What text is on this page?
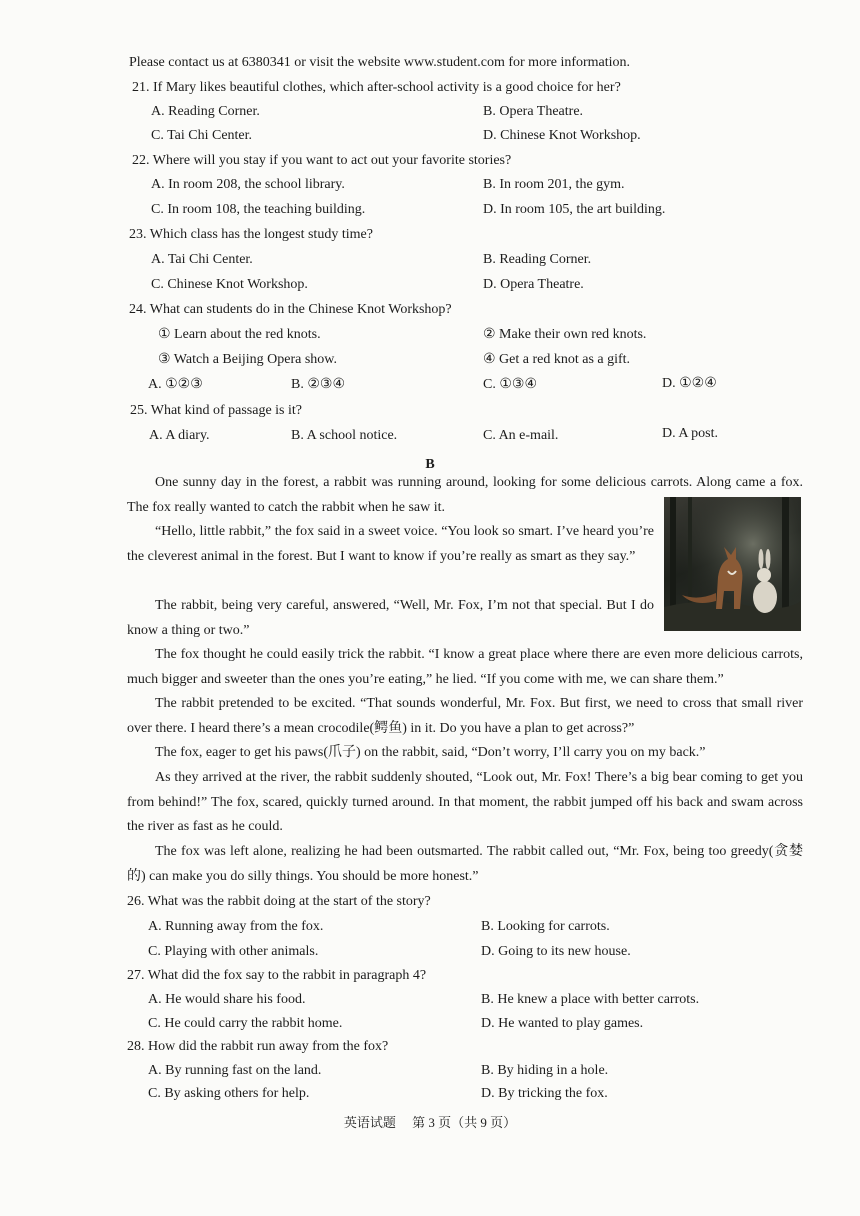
Please contact us at 6380341 or visit the website www.student.com for more information.
21. If Mary likes beautiful clothes, which after-school activity is a good choice for her?
A. Reading Corner.	B. Opera Theatre.
C. Tai Chi Center.	D. Chinese Knot Workshop.
22. Where will you stay if you want to act out your favorite stories?
A. In room 208, the school library.	B. In room 201, the gym.
C. In room 108, the teaching building.	D. In room 105, the art building.
23. Which class has the longest study time?
A. Tai Chi Center.	B. Reading Corner.
C. Chinese Knot Workshop.	D. Opera Theatre.
24. What can students do in the Chinese Knot Workshop?
① Learn about the red knots.	② Make their own red knots.
③ Watch a Beijing Opera show.	④ Get a red knot as a gift.
A. ①②③	B. ②③④	C. ①③④	D. ①②④
25. What kind of passage is it?
A. A diary.	B. A school notice.	C. An e-mail.	D. A post.
B
One sunny day in the forest, a rabbit was running around, looking for some delicious carrots. Along came a fox. The fox really wanted to catch the rabbit when he saw it.
“Hello, little rabbit,” the fox said in a sweet voice. “You look so smart. I’ve heard you’re the cleverest animal in the forest. But I want to know if you’re really as smart as they say.”
The rabbit, being very careful, answered, “Well, Mr. Fox, I’m not that special. But I do know a thing or two.”
The fox thought he could easily trick the rabbit. “I know a great place where there are even more delicious carrots, much bigger and sweeter than the ones you’re eating,” he lied. “If you come with me, we can share them.”
The rabbit pretended to be excited. “That sounds wonderful, Mr. Fox. But first, we need to cross that small river over there. I heard there’s a mean crocodile(鳄鱼) in it. Do you have a plan to get across?”
The fox, eager to get his paws(爪子) on the rabbit, said, “Don’t worry, I’ll carry you on my back.”
As they arrived at the river, the rabbit suddenly shouted, “Look out, Mr. Fox! There’s a big bear coming to get you from behind!” The fox, scared, quickly turned around. In that moment, the rabbit jumped off his back and swam across the river as fast as he could.
The fox was left alone, realizing he had been outsmarted. The rabbit called out, “Mr. Fox, being too greedy(贪婪的) can make you do silly things. You should be more honest.”
26. What was the rabbit doing at the start of the story?
A. Running away from the fox.	B. Looking for carrots.
C. Playing with other animals.	D. Going to its new house.
27. What did the fox say to the rabbit in paragraph 4?
A. He would share his food.	B. He knew a place with better carrots.
C. He could carry the rabbit home.	D. He wanted to play games.
28. How did the rabbit run away from the fox?
A. By running fast on the land.	B. By hiding in a hole.
C. By asking others for help.	D. By tricking the fox.
英语试题　 第 3 页（共 9 页）
